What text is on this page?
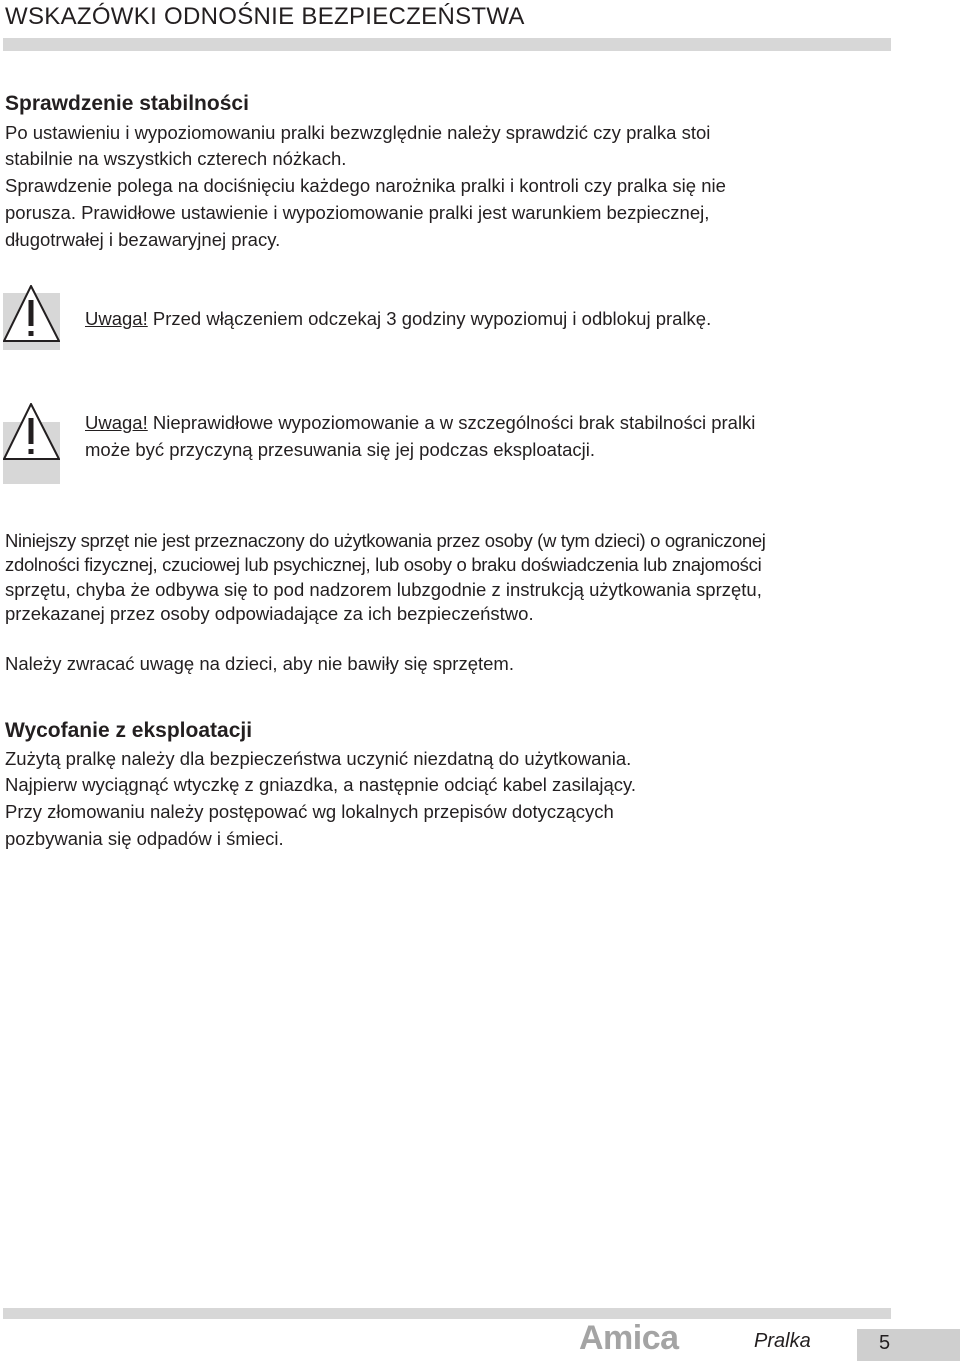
WSKAZÓWKI ODNOŚNIE BEZPIECZEŃSTWA
Sprawdzenie stabilności
Po ustawieniu i wypoziomowaniu pralki bezwzględnie należy sprawdzić czy pralka stoi
stabilnie na wszystkich czterech nóżkach.
Sprawdzenie polega na dociśnięciu każdego narożnika pralki i kontroli czy pralka się nie
porusza. Prawidłowe ustawienie i wypoziomowanie pralki jest warunkiem bezpiecznej,
długotrwałej i bezawaryjnej pracy.
Uwaga! Przed włączeniem odczekaj 3 godziny wypoziomuj i odblokuj pralkę.
Uwaga! Nieprawidłowe wypoziomowanie a w szczególności brak stabilności pralki
może być przyczyną przesuwania się jej podczas eksploatacji.
Niniejszy sprzęt nie jest przeznaczony do użytkowania przez osoby (w tym dzieci) o ograniczonej
zdolności fizycznej, czuciowej lub psychicznej, lub osoby o braku doświadczenia lub znajomości
sprzętu, chyba że odbywa się to pod nadzorem lubzgodnie z instrukcją użytkowania sprzętu,
przekazanej przez osoby odpowiadające za ich bezpieczeństwo.
Należy zwracać uwagę na dzieci, aby nie bawiły się sprzętem.
Wycofanie z eksploatacji
Zużytą pralkę należy dla bezpieczeństwa uczynić niezdatną do użytkowania.
Najpierw wyciągnąć wtyczkę z gniazdka, a następnie odciąć kabel zasilający.
Przy złomowaniu należy postępować wg lokalnych przepisów dotyczących
pozbywania się odpadów i śmieci.
Amica	Pralka	5
